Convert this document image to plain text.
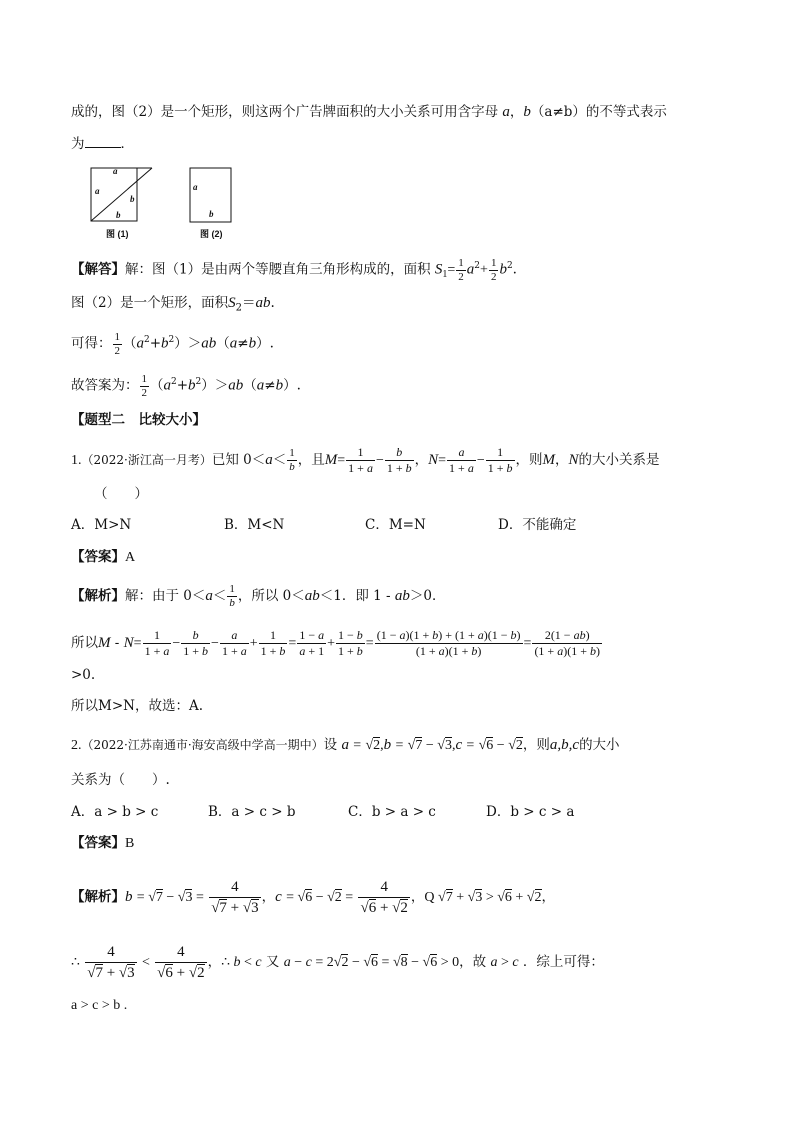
成的，图（2）是一个矩形，则这两个广告牌面积的大小关系可用含字母 a，b（a≠b）的不等式表示
为	．
a
a
b
b
图 (1)
a
b
图 (2)
【解答】解：图（1）是由两个等腰直角三角形构成的，面积 $S_1= \frac{1}{2} a^2+ \frac{1}{2} b^2$.
图（2）是一个矩形，面积$S_2=ab$.
可得： $\frac{1}{2} (a^2+b^2)>ab(a\ne b)$.
故答案为： $\frac{1}{2} (a^2+b^2)>ab(a\ne b)$.
【题型二　比较大小】
1.（2022·浙江高一月考）已知 $0<a< \frac{1}{b}$ ，且$M= \frac{1}{1 + a} - \frac{b}{1 + b}$ ，$N= \frac{a}{1 + a} - \frac{1}{1 + b}$ ，则M，N的大小关系是
（　　）
A．M>N	B．M<N	C．M=N	D．不能确定
【答案】A
【解析】解：由于 $0<a< \frac{1}{b}$ ，所以 0＜ab＜1．即 1 - ab＞0．
所以$M - N= \frac{1}{1 + a} - \frac{b}{1 + b} - \frac{a}{1 + a} + \frac{1}{1 + b} = \frac{1 - a}{a + 1} + \frac{1 - b}{1 + b} = \frac{(1 - a)(1 + b) + (1 + a)(1 - b)}{(1 + a)(1 + b)} = \frac{2(1 - ab)}{(1 + a)(1 + b)}$
>0.
所以M>N，故选：A.
2.（2022·江苏南通市·海安高级中学高一期中）设 a = √2,b = √7 − √3,c = √6 − √2，则a,b,c的大小
关系为（　　）.
A．a > b > c	B．a > c > b	C．b > a > c	D．b > c > a
【答案】B
【解析】$b = √7 - √3 = \frac{4}{√7 + √3}$ ，$c = √6 - √2 = \frac{4}{√6 + √2}$ ，Q √7 + √3 > √6 + √2，
∴ $\frac{4}{√7 + √3} < \frac{4}{√6 + √2}$ ，∴ b < c 又 a − c = 2√2 − √6 = √8 − √6 > 0，故 a > c ．综上可得：
a > c > b .
